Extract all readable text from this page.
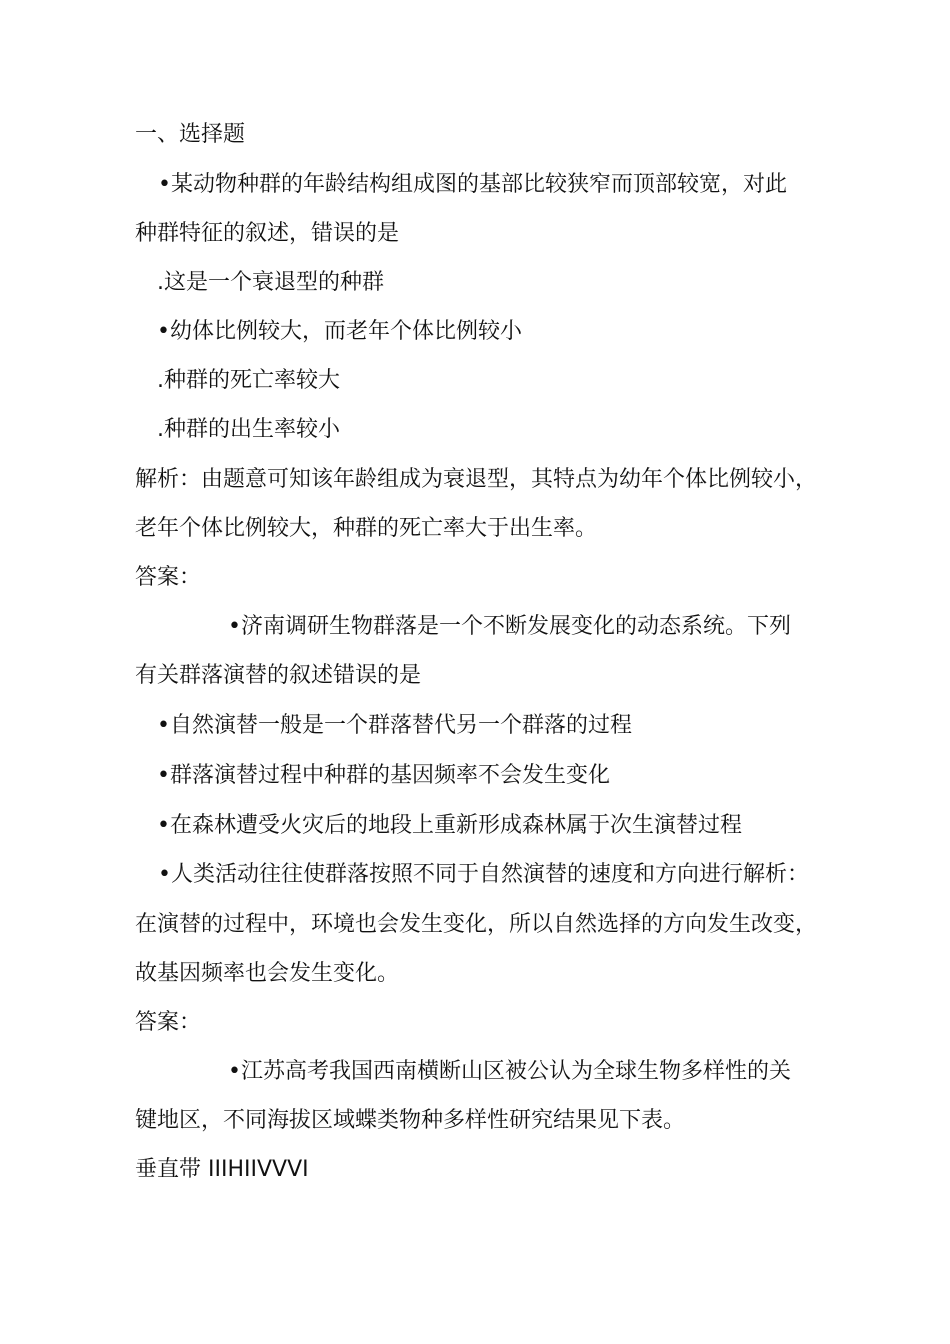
一、选择题
•某动物种群的年龄结构组成图的基部比较狭窄而顶部较宽，对此
种群特征的叙述，错误的是
.这是一个衰退型的种群
•幼体比例较大，而老年个体比例较小
.种群的死亡率较大
.种群的出生率较小
解析：由题意可知该年龄组成为衰退型，其特点为幼年个体比例较小，
老年个体比例较大，种群的死亡率大于出生率。
答案：
•济南调研生物群落是一个不断发展变化的动态系统。下列
有关群落演替的叙述错误的是
•自然演替一般是一个群落替代另一个群落的过程
•群落演替过程中种群的基因频率不会发生变化
•在森林遭受火灾后的地段上重新形成森林属于次生演替过程
•人类活动往往使群落按照不同于自然演替的速度和方向进行解析：
在演替的过程中，环境也会发生变化，所以自然选择的方向发生改变，
故基因频率也会发生变化。
答案：
•江苏高考我国西南横断山区被公认为全球生物多样性的关
键地区，不同海拔区域蝶类物种多样性研究结果见下表。
垂直带 IIIHIIVVVI
